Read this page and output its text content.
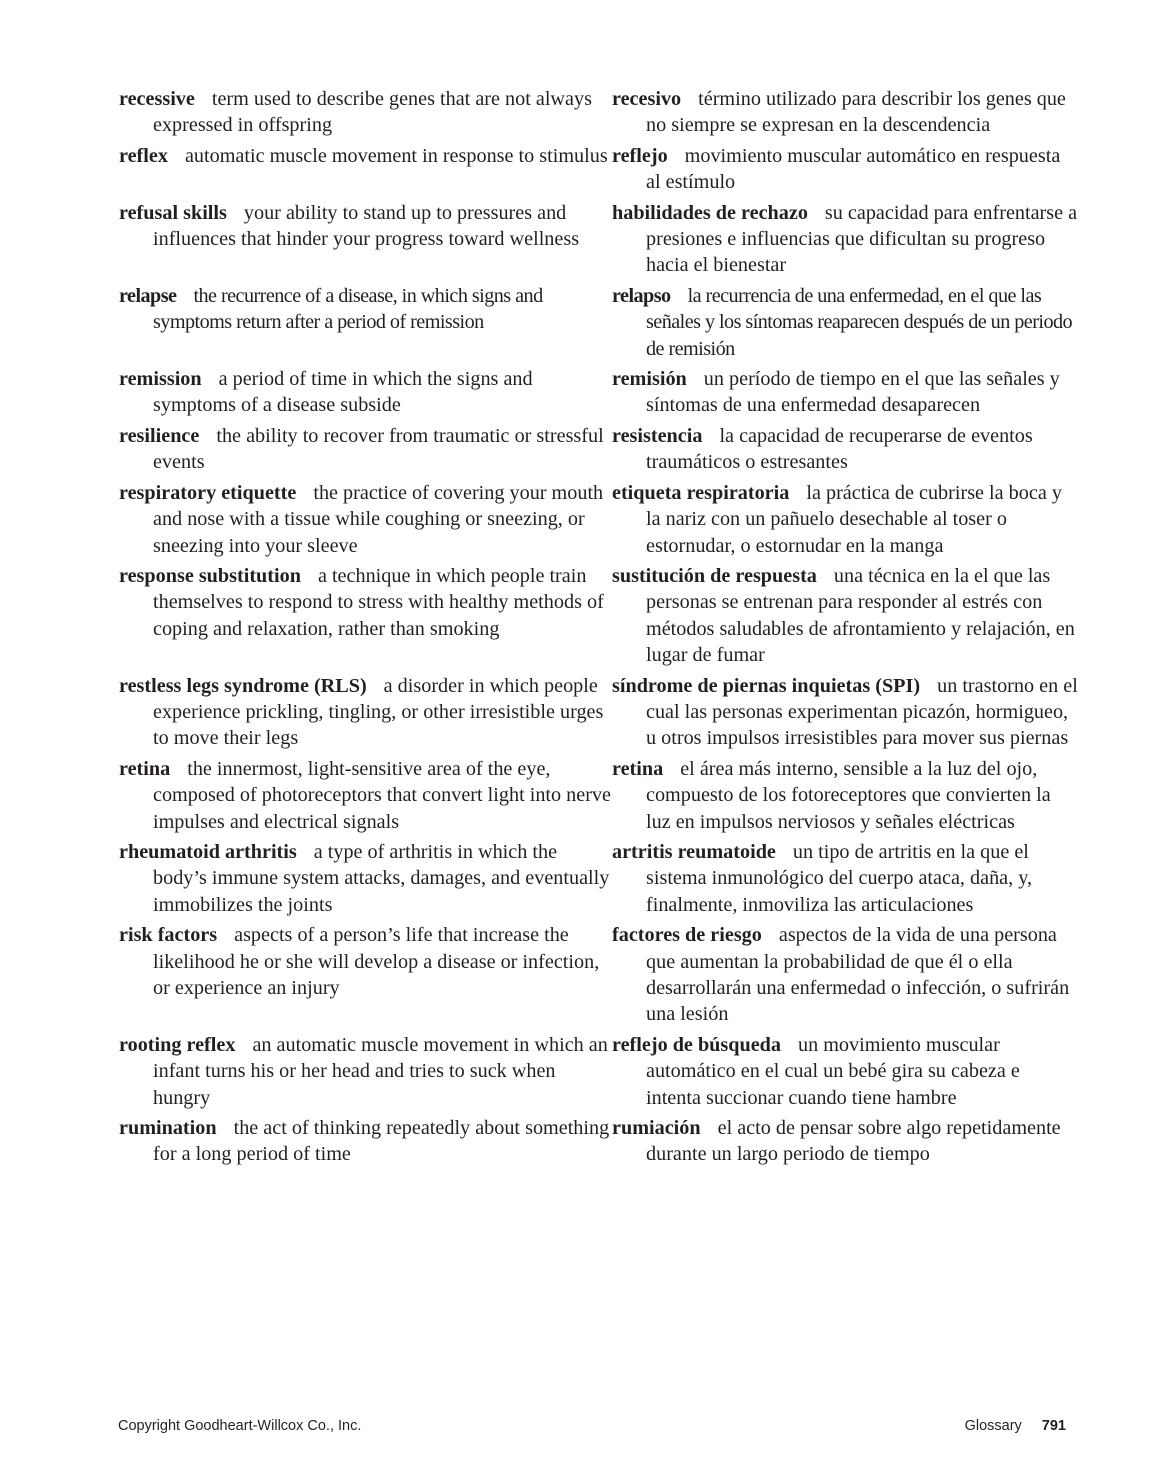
recessive term used to describe genes that are not always expressed in offspring
recesivo término utilizado para describir los genes que no siempre se expresan en la descendencia
reflex automatic muscle movement in response to stimulus reflejo movimiento muscular automático en respuesta al estímulo
refusal skills your ability to stand up to pressures and influences that hinder your progress toward wellness
habilidades de rechazo su capacidad para enfrentarse a presiones e influencias que dificultan su progreso hacia el bienestar
relapse the recurrence of a disease, in which signs and symptoms return after a period of remission
relapso la recurrencia de una enfermedad, en el que las señales y los síntomas reaparecen después de un periodo de remisión
remission a period of time in which the signs and symptoms of a disease subside
remisión un período de tiempo en el que las señales y síntomas de una enfermedad desaparecen
resilience the ability to recover from traumatic or stressful events
resistencia la capacidad de recuperarse de eventos traumáticos o estresantes
respiratory etiquette the practice of covering your mouth and nose with a tissue while coughing or sneezing, or sneezing into your sleeve
etiqueta respiratoria la práctica de cubrirse la boca y la nariz con un pañuelo desechable al toser o estornudar, o estornudar en la manga
response substitution a technique in which people train themselves to respond to stress with healthy methods of coping and relaxation, rather than smoking
sustitución de respuesta una técnica en la el que las personas se entrenan para responder al estrés con métodos saludables de afrontamiento y relajación, en lugar de fumar
restless legs syndrome (RLS) a disorder in which people experience prickling, tingling, or other irresistible urges to move their legs
síndrome de piernas inquietas (SPI) un trastorno en el cual las personas experimentan picazón, hormigueo, u otros impulsos irresistibles para mover sus piernas
retina the innermost, light-sensitive area of the eye, composed of photoreceptors that convert light into nerve impulses and electrical signals
retina el área más interno, sensible a la luz del ojo, compuesto de los fotoreceptores que convierten la luz en impulsos nerviosos y señales eléctricas
rheumatoid arthritis a type of arthritis in which the body’s immune system attacks, damages, and eventually immobilizes the joints
artritis reumatoide un tipo de artritis en la que el sistema inmunológico del cuerpo ataca, daña, y, finalmente, inmoviliza las articulaciones
risk factors aspects of a person’s life that increase the likelihood he or she will develop a disease or infection, or experience an injury
factores de riesgo aspectos de la vida de una persona que aumentan la probabilidad de que él o ella desarrollarán una enfermedad o infección, o sufrirán una lesión
rooting reflex an automatic muscle movement in which an infant turns his or her head and tries to suck when hungry
reflejo de búsqueda un movimiento muscular automático en el cual un bebé gira su cabeza e intenta succionar cuando tiene hambre
rumination the act of thinking repeatedly about something for a long period of time
rumiación el acto de pensar sobre algo repetidamente durante un largo periodo de tiempo
Copyright Goodheart-Willcox Co., Inc.	Glossary 791
